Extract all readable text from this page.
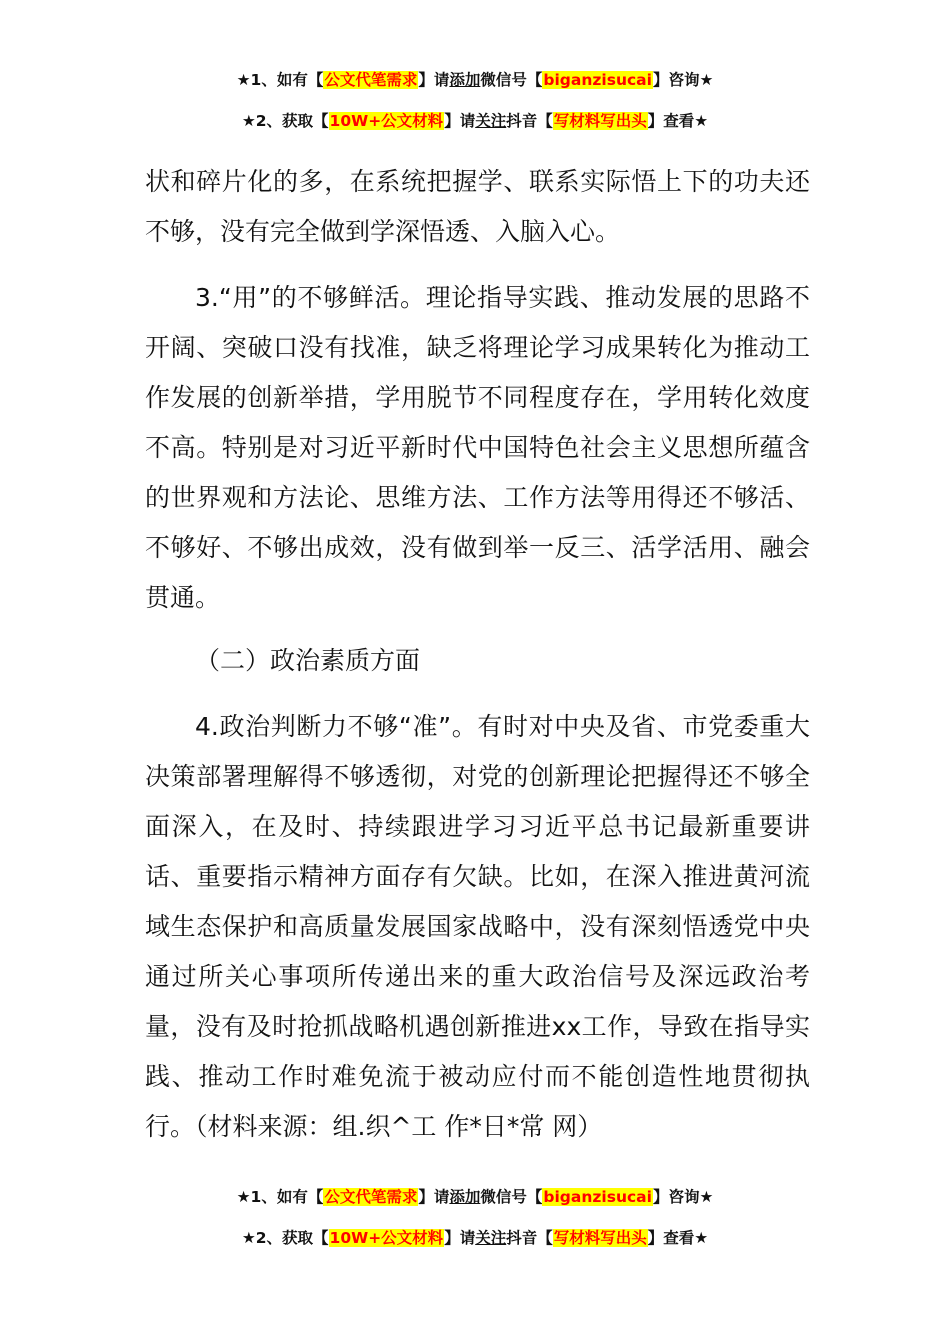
★1、如有【公文代笔需求】请添加微信号【biganzisucai】咨询★
★2、获取【10W+公文材料】请关注抖音【写材料写出头】查看★

状和碎片化的多，在系统把握学、联系实际悟上下的功夫还不够，没有完全做到学深悟透、入脑入心。

3.“用”的不够鲜活。理论指导实践、推动发展的思路不开阔、突破口没有找准，缺乏将理论学习成果转化为推动工作发展的创新举措，学用脱节不同程度存在，学用转化效度不高。特别是对习近平新时代中国特色社会主义思想所蕴含的世界观和方法论、思维方法、工作方法等用得还不够活、不够好、不够出成效，没有做到举一反三、活学活用、融会贯通。

（二）政治素质方面

4.政治判断力不够“准”。有时对中央及省、市党委重大决策部署理解得不够透彻，对党的创新理论把握得还不够全面深入，在及时、持续跟进学习习近平总书记最新重要讲话、重要指示精神方面存有欠缺。比如，在深入推进黄河流域生态保护和高质量发展国家战略中，没有深刻悟透党中央通过所关心事项所传递出来的重大政治信号及深远政治考量，没有及时抢抓战略机遇创新推进xx工作，导致在指导实践、推动工作时难免流于被动应付而不能创造性地贯彻执行。（材料来源：组.织^工 作*日*常 网）

★1、如有【公文代笔需求】请添加微信号【biganzisucai】咨询★
★2、获取【10W+公文材料】请关注抖音【写材料写出头】查看★
